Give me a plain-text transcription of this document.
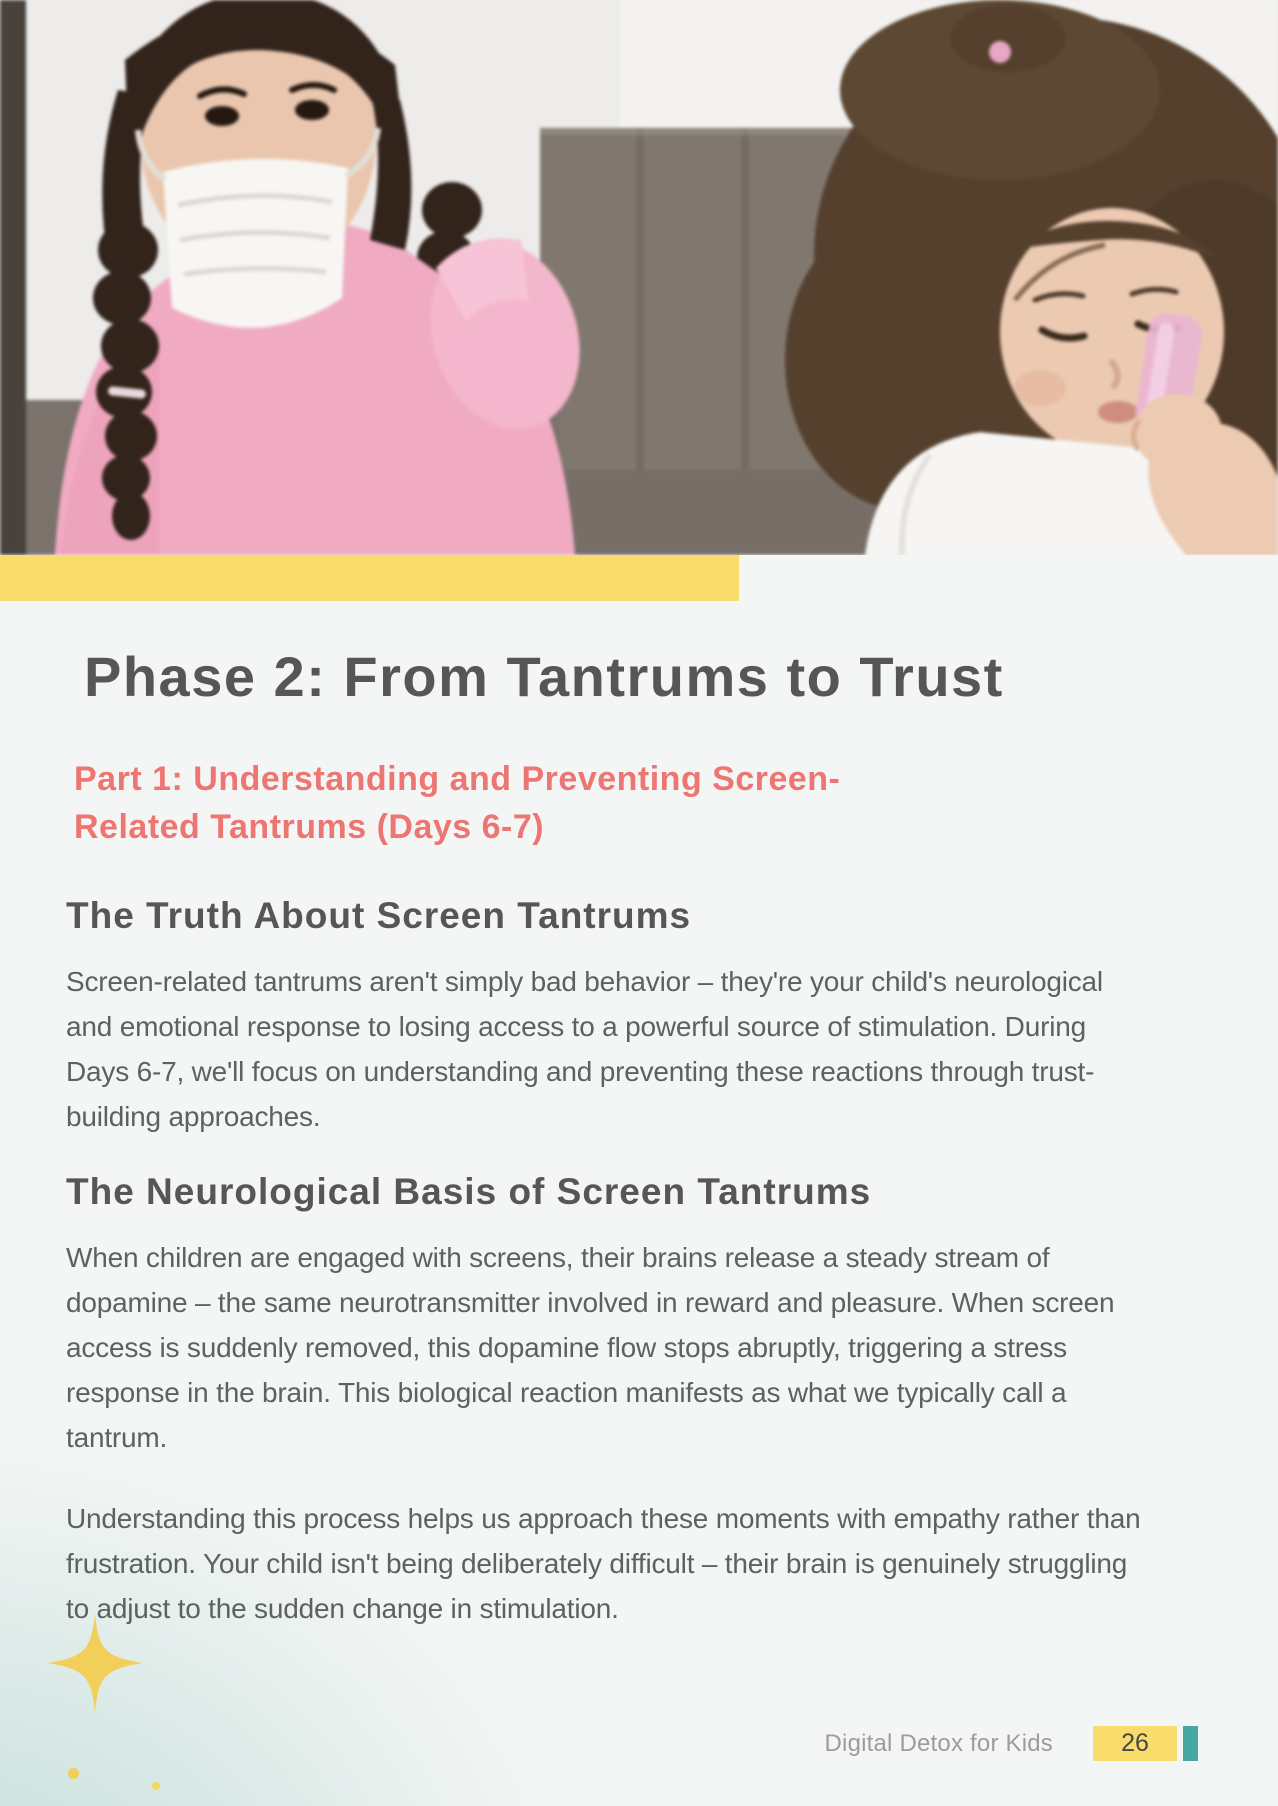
Phase 2: From Tantrums to Trust
Part 1: Understanding and Preventing Screen-
Related Tantrums (Days 6-7)
The Truth About Screen Tantrums

Screen-related tantrums aren't simply bad behavior – they're your child's neurological and emotional response to losing access to a powerful source of stimulation. During Days 6-7, we'll focus on understanding and preventing these reactions through trust-building approaches.

The Neurological Basis of Screen Tantrums

When children are engaged with screens, their brains release a steady stream of dopamine – the same neurotransmitter involved in reward and pleasure. When screen access is suddenly removed, this dopamine flow stops abruptly, triggering a stress response in the brain. This biological reaction manifests as what we typically call a tantrum.

Understanding this process helps us approach these moments with empathy rather than frustration. Your child isn't being deliberately difficult – their brain is genuinely struggling to adjust to the sudden change in stimulation.

Digital Detox for Kids	26
